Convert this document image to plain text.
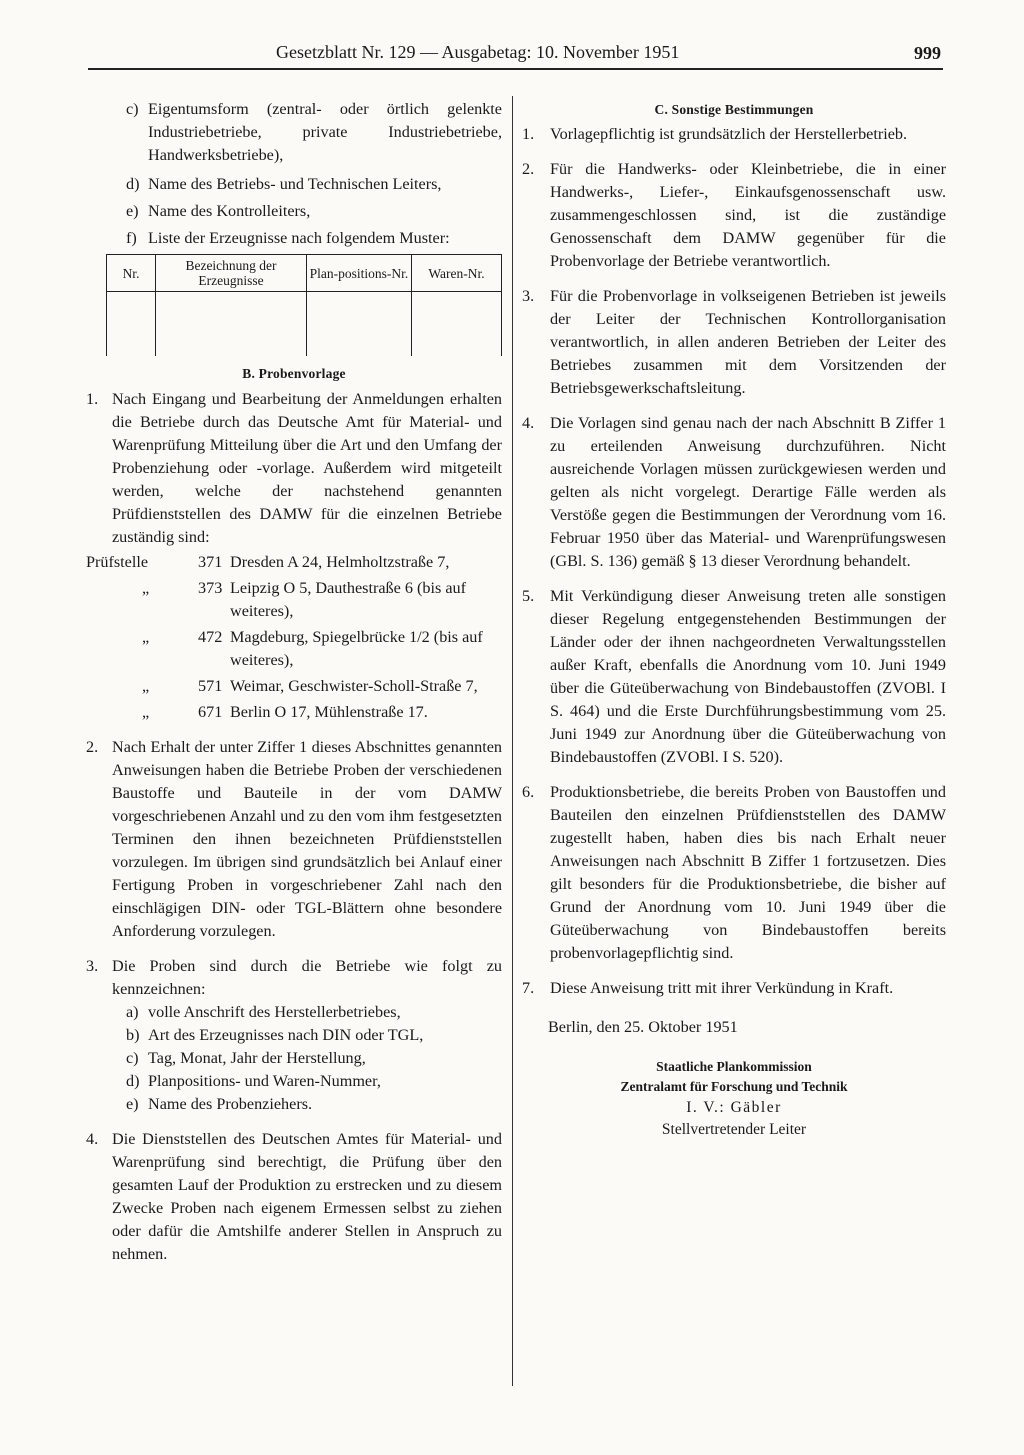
Gesetzblatt Nr. 129 — Ausgabetag: 10. November 1951	999
c) Eigentumsform (zentral- oder örtlich gelenkte Industriebetriebe, private Industriebetriebe, Handwerksbetriebe),
d) Name des Betriebs- und Technischen Leiters,
e) Name des Kontrolleiters,
f) Liste der Erzeugnisse nach folgendem Muster:
Nr.	Bezeichnung der Erzeugnisse	Plan-positions-Nr.	Waren-Nr.

B. Probenvorlage

1. Nach Eingang und Bearbeitung der Anmeldungen erhalten die Betriebe durch das Deutsche Amt für Material- und Warenprüfung Mitteilung über die Art und den Umfang der Probenziehung oder -vorlage. Außerdem wird mitgeteilt werden, welche der nachstehend genannten Prüfdienststellen des DAMW für die einzelnen Betriebe zuständig sind:
Prüfstelle	371 Dresden A 24, Helmholtzstraße 7,
„	373 Leipzig O 5, Dauthestraße 6 (bis auf weiteres),
„	472 Magdeburg, Spiegelbrücke 1/2 (bis auf weiteres),
„	571 Weimar, Geschwister-Scholl-Straße 7,
„	671 Berlin O 17, Mühlenstraße 17.
2. Nach Erhalt der unter Ziffer 1 dieses Abschnittes genannten Anweisungen haben die Betriebe Proben der verschiedenen Baustoffe und Bauteile in der vom DAMW vorgeschriebenen Anzahl und zu den vom ihm festgesetzten Terminen den ihnen bezeichneten Prüfdienststellen vorzulegen. Im übrigen sind grundsätzlich bei Anlauf einer Fertigung Proben in vorgeschriebener Zahl nach den einschlägigen DIN- oder TGL-Blättern ohne besondere Anforderung vorzulegen.
3. Die Proben sind durch die Betriebe wie folgt zu kennzeichnen:
a) volle Anschrift des Herstellerbetriebes,
b) Art des Erzeugnisses nach DIN oder TGL,
c) Tag, Monat, Jahr der Herstellung,
d) Planpositions- und Waren-Nummer,
e) Name des Probenziehers.
4. Die Dienststellen des Deutschen Amtes für Material- und Warenprüfung sind berechtigt, die Prüfung über den gesamten Lauf der Produktion zu erstrecken und zu diesem Zwecke Proben nach eigenem Ermessen selbst zu ziehen oder dafür die Amtshilfe anderer Stellen in Anspruch zu nehmen.

C. Sonstige Bestimmungen

1. Vorlagepflichtig ist grundsätzlich der Herstellerbetrieb.
2. Für die Handwerks- oder Kleinbetriebe, die in einer Handwerks-, Liefer-, Einkaufsgenossenschaft usw. zusammengeschlossen sind, ist die zuständige Genossenschaft dem DAMW gegenüber für die Probenvorlage der Betriebe verantwortlich.
3. Für die Probenvorlage in volkseigenen Betrieben ist jeweils der Leiter der Technischen Kontrollorganisation verantwortlich, in allen anderen Betrieben der Leiter des Betriebes zusammen mit dem Vorsitzenden der Betriebsgewerkschaftsleitung.
4. Die Vorlagen sind genau nach der nach Abschnitt B Ziffer 1 zu erteilenden Anweisung durchzuführen. Nicht ausreichende Vorlagen müssen zurückgewiesen werden und gelten als nicht vorgelegt. Derartige Fälle werden als Verstöße gegen die Bestimmungen der Verordnung vom 16. Februar 1950 über das Material- und Warenprüfungswesen (GBl. S. 136) gemäß § 13 dieser Verordnung behandelt.
5. Mit Verkündigung dieser Anweisung treten alle sonstigen dieser Regelung entgegenstehenden Bestimmungen der Länder oder der ihnen nachgeordneten Verwaltungsstellen außer Kraft, ebenfalls die Anordnung vom 10. Juni 1949 über die Güteüberwachung von Bindebaustoffen (ZVOBl. I S. 464) und die Erste Durchführungsbestimmung vom 25. Juni 1949 zur Anordnung über die Güteüberwachung von Bindebaustoffen (ZVOBl. I S. 520).
6. Produktionsbetriebe, die bereits Proben von Baustoffen und Bauteilen den einzelnen Prüfdienststellen des DAMW zugestellt haben, haben dies bis nach Erhalt neuer Anweisungen nach Abschnitt B Ziffer 1 fortzusetzen. Dies gilt besonders für die Produktionsbetriebe, die bisher auf Grund der Anordnung vom 10. Juni 1949 über die Güteüberwachung von Bindebaustoffen bereits probenvorlagepflichtig sind.
7. Diese Anweisung tritt mit ihrer Verkündung in Kraft.

Berlin, den 25. Oktober 1951

Staatliche Plankommission

Zentralamt für Forschung und Technik

I. V.: Gäbler

Stellvertretender Leiter
